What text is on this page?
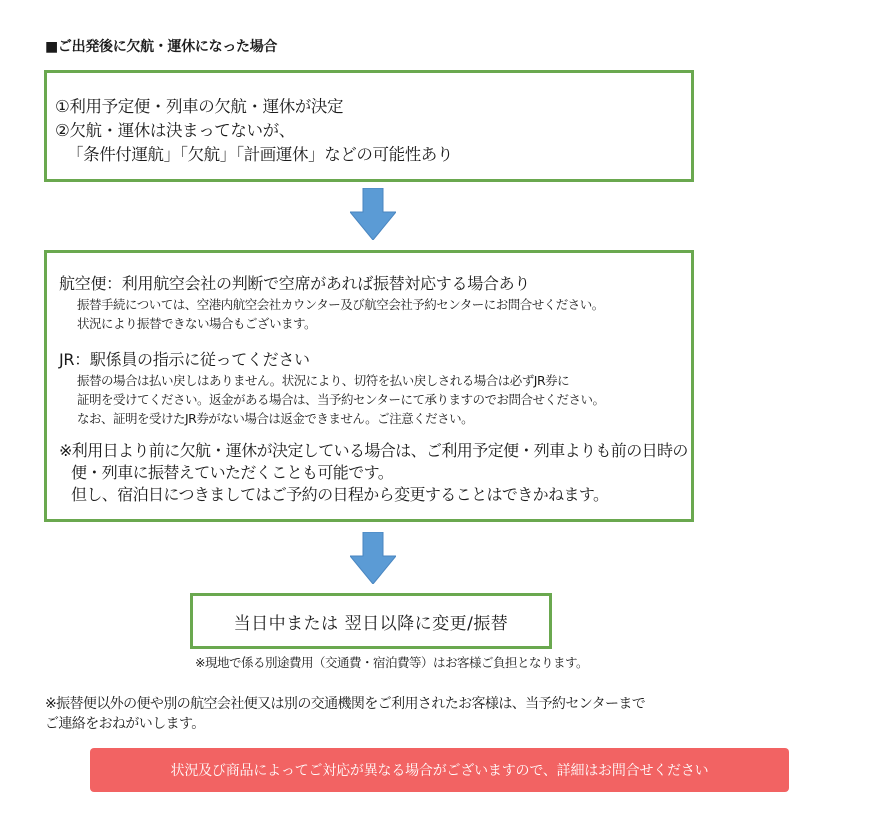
■ご出発後に欠航・運休になった場合
①利用予定便・列車の欠航・運休が決定
②欠航・運休は決まってないが、
「条件付運航」「欠航」「計画運休」などの可能性あり
航空便：利用航空会社の判断で空席があれば振替対応する場合あり
振替手続については、空港内航空会社カウンター及び航空会社予約センターにお問合せください。
状況により振替できない場合もございます。
JR：駅係員の指示に従ってください
振替の場合は払い戻しはありません。状況により、切符を払い戻しされる場合は必ずJR券に
証明を受けてください。返金がある場合は、当予約センターにて承りますのでお問合せください。
なお、証明を受けたJR券がない場合は返金できません。ご注意ください。
※利用日より前に欠航・運休が決定している場合は、ご利用予定便・列車よりも前の日時の
便・列車に振替えていただくことも可能です。
但し、宿泊日につきましてはご予約の日程から変更することはできかねます。
当日中または 翌日以降に変更/振替
※現地で係る別途費用（交通費・宿泊費等）はお客様ご負担となります。
※振替便以外の便や別の航空会社便又は別の交通機関をご利用されたお客様は、当予約センターまで
ご連絡をおねがいします。
状況及び商品によってご対応が異なる場合がございますので、詳細はお問合せください
